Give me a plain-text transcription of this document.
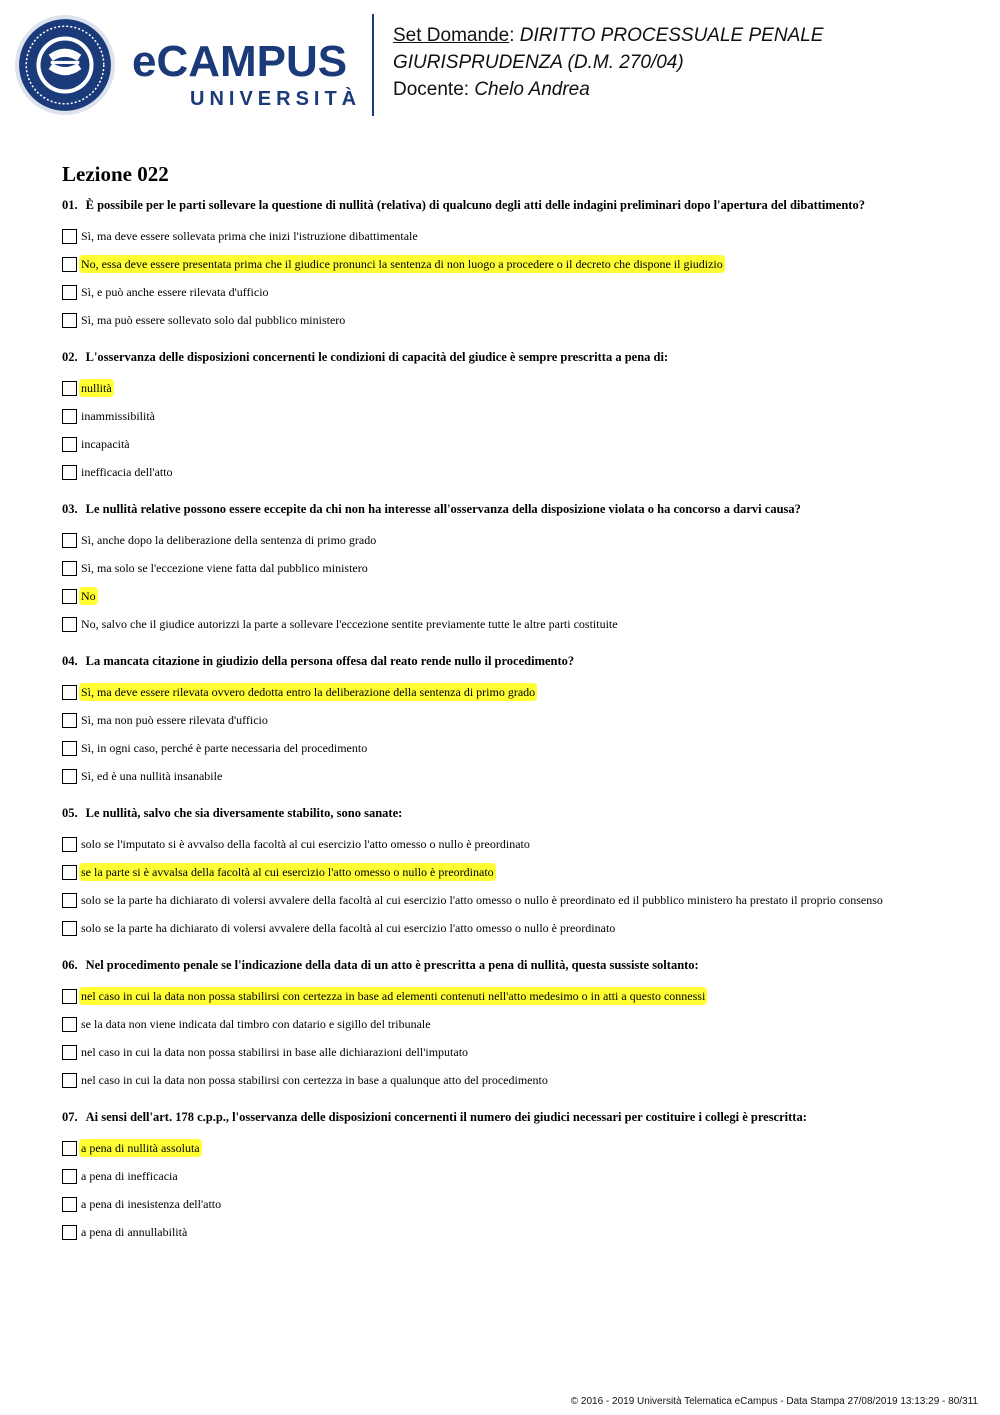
eCAMPUS
UNIVERSITÀ
Set Domande: DIRITTO PROCESSUALE PENALE
GIURISPRUDENZA (D.M. 270/04)
Docente: Chelo Andrea
Lezione 022
01. È possibile per le parti sollevare la questione di nullità (relativa) di qualcuno degli atti delle indagini preliminari dopo l'apertura del dibattimento?
Sì, ma deve essere sollevata prima che inizi l'istruzione dibattimentale
No, essa deve essere presentata prima che il giudice pronunci la sentenza di non luogo a procedere o il decreto che dispone il giudizio
Sì, e può anche essere rilevata d'ufficio
Sì, ma può essere sollevato solo dal pubblico ministero
02. L'osservanza delle disposizioni concernenti le condizioni di capacità del giudice è sempre prescritta a pena di:
nullità
inammissibilità
incapacità
inefficacia dell'atto
03. Le nullità relative possono essere eccepite da chi non ha interesse all'osservanza della disposizione violata o ha concorso a darvi causa?
Sì, anche dopo la deliberazione della sentenza di primo grado
Sì, ma solo se l'eccezione viene fatta dal pubblico ministero
No
No, salvo che il giudice autorizzi la parte a sollevare l'eccezione sentite previamente tutte le altre parti costituite
04. La mancata citazione in giudizio della persona offesa dal reato rende nullo il procedimento?
Sì, ma deve essere rilevata ovvero dedotta entro la deliberazione della sentenza di primo grado
Sì, ma non può essere rilevata d'ufficio
Sì, in ogni caso, perché è parte necessaria del procedimento
Sì, ed è una nullità insanabile
05. Le nullità, salvo che sia diversamente stabilito, sono sanate:
solo se l'imputato si è avvalso della facoltà al cui esercizio l'atto omesso o nullo è preordinato
se la parte si è avvalsa della facoltà al cui esercizio l'atto omesso o nullo è preordinato
solo se la parte ha dichiarato di volersi avvalere della facoltà al cui esercizio l'atto omesso o nullo è preordinato ed il pubblico ministero ha prestato il proprio consenso
solo se la parte ha dichiarato di volersi avvalere della facoltà al cui esercizio l'atto omesso o nullo è preordinato
06. Nel procedimento penale se l'indicazione della data di un atto è prescritta a pena di nullità, questa sussiste soltanto:
nel caso in cui la data non possa stabilirsi con certezza in base ad elementi contenuti nell'atto medesimo o in atti a questo connessi
se la data non viene indicata dal timbro con datario e sigillo del tribunale
nel caso in cui la data non possa stabilirsi in base alle dichiarazioni dell'imputato
nel caso in cui la data non possa stabilirsi con certezza in base a qualunque atto del procedimento
07. Ai sensi dell'art. 178 c.p.p., l'osservanza delle disposizioni concernenti il numero dei giudici necessari per costituire i collegi è prescritta:
a pena di nullità assoluta
a pena di inefficacia
a pena di inesistenza dell'atto
a pena di annullabilità
© 2016 - 2019 Università Telematica eCampus - Data Stampa 27/08/2019 13:13:29 - 80/311
